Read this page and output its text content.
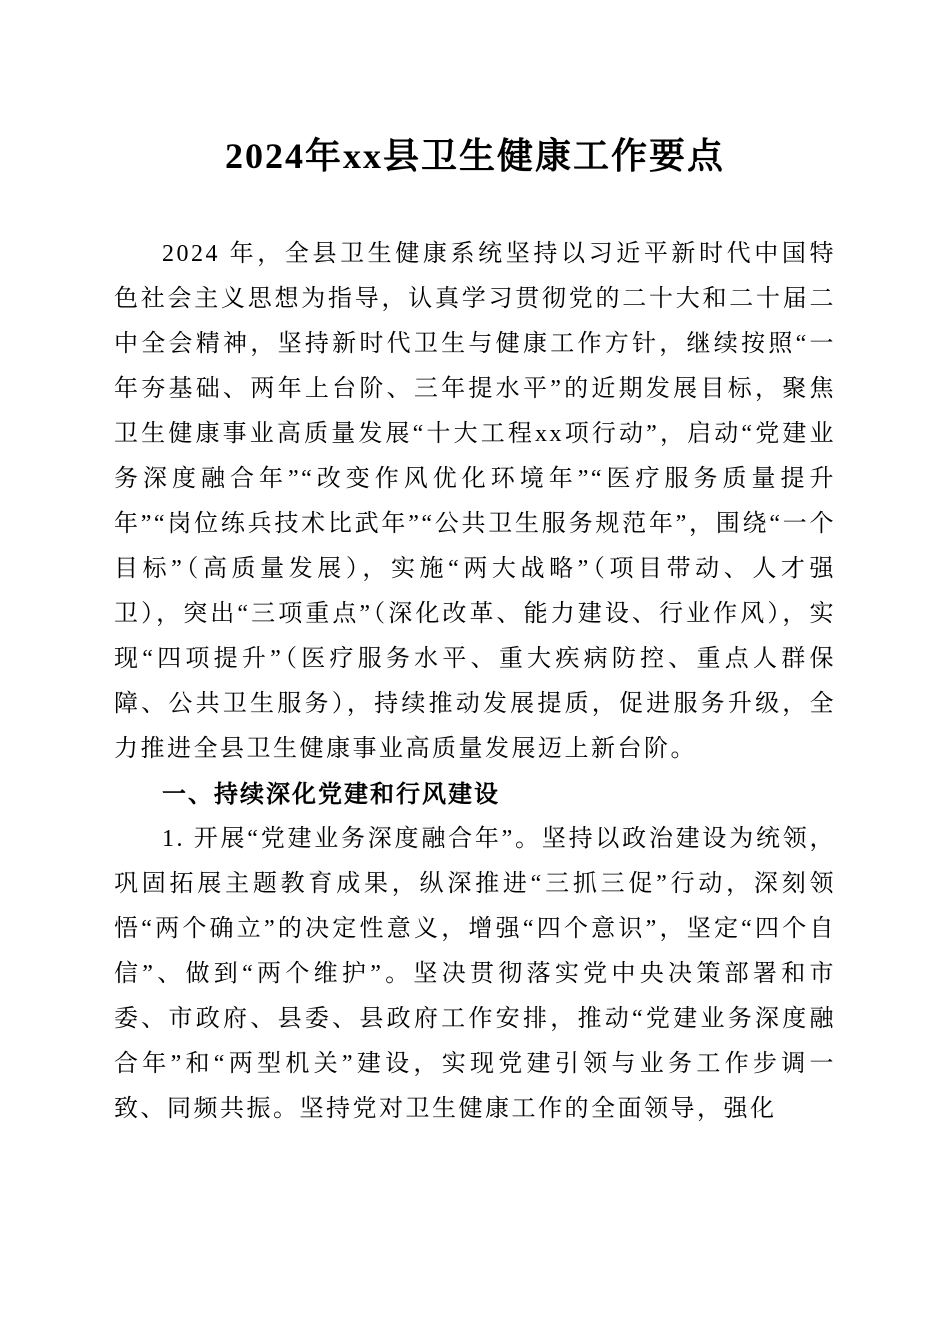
2024年xx县卫生健康工作要点

2024 年，全县卫生健康系统坚持以习近平新时代中国特色社会主义思想为指导，认真学习贯彻党的二十大和二十届二中全会精神，坚持新时代卫生与健康工作方针，继续按照“一年夯基础、两年上台阶、三年提水平”的近期发展目标，聚焦卫生健康事业高质量发展“十大工程xx项行动”，启动“党建业务深度融合年”“改变作风优化环境年”“医疗服务质量提升年”“岗位练兵技术比武年”“公共卫生服务规范年”，围绕“一个目标”（高质量发展），实施“两大战略”（项目带动、人才强卫），突出“三项重点”（深化改革、能力建设、行业作风），实现“四项提升”（医疗服务水平、重大疾病防控、重点人群保障、公共卫生服务），持续推动发展提质，促进服务升级，全力推进全县卫生健康事业高质量发展迈上新台阶。

一、持续深化党建和行风建设

1. 开展“党建业务深度融合年”。坚持以政治建设为统领，巩固拓展主题教育成果，纵深推进“三抓三促”行动，深刻领悟“两个确立”的决定性意义，增强“四个意识”，坚定“四个自信”、做到“两个维护”。坚决贯彻落实党中央决策部署和市委、市政府、县委、县政府工作安排，推动“党建业务深度融合年”和“两型机关”建设，实现党建引领与业务工作步调一致、同频共振。坚持党对卫生健康工作的全面领导，强化
